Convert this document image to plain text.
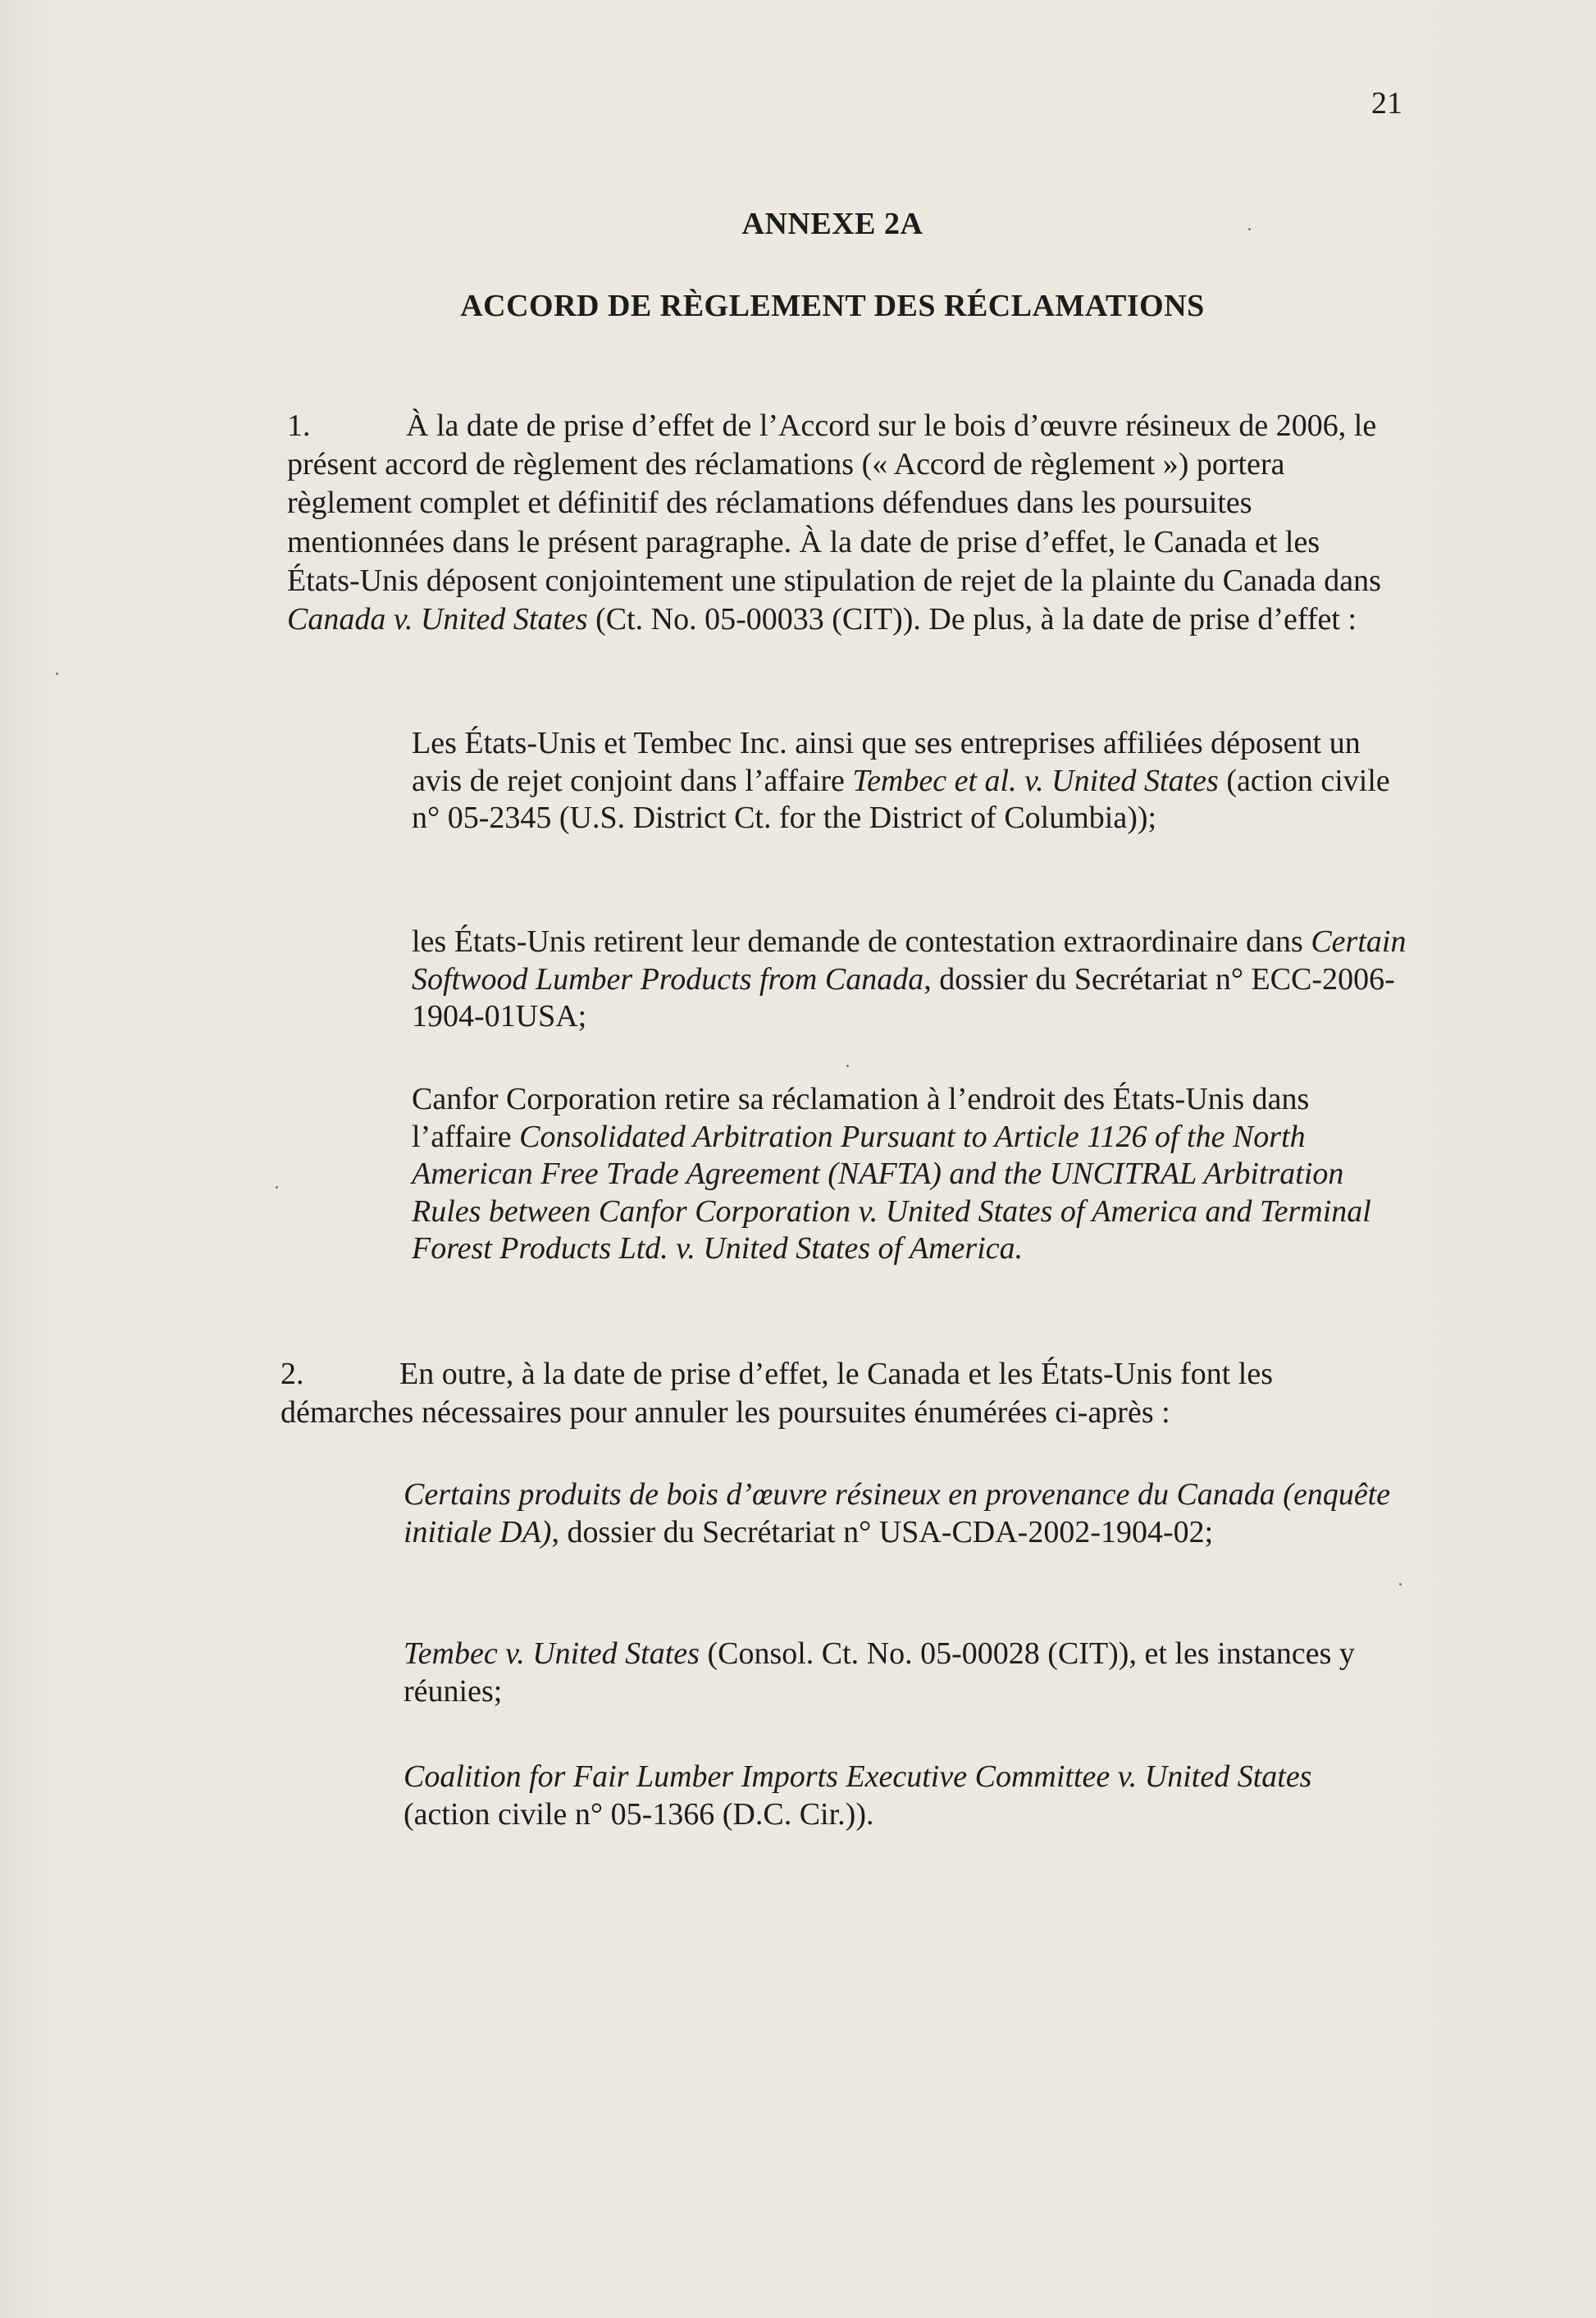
21
ANNEXE 2A
ACCORD DE RÈGLEMENT DES RÉCLAMATIONS
1.	À la date de prise d’effet de l’Accord sur le bois d’œuvre résineux de 2006, le présent accord de règlement des réclamations (« Accord de règlement ») portera règlement complet et définitif des réclamations défendues dans les poursuites mentionnées dans le présent paragraphe. À la date de prise d’effet, le Canada et les États-Unis déposent conjointement une stipulation de rejet de la plainte du Canada dans Canada v. United States (Ct. No. 05-00033 (CIT)). De plus, à la date de prise d’effet :
Les États-Unis et Tembec Inc. ainsi que ses entreprises affiliées déposent un avis de rejet conjoint dans l’affaire Tembec et al. v. United States (action civile n° 05-2345 (U.S. District Ct. for the District of Columbia));
les États-Unis retirent leur demande de contestation extraordinaire dans Certain Softwood Lumber Products from Canada, dossier du Secrétariat n° ECC-2006-1904-01USA;
Canfor Corporation retire sa réclamation à l’endroit des États-Unis dans l’affaire Consolidated Arbitration Pursuant to Article 1126 of the North American Free Trade Agreement (NAFTA) and the UNCITRAL Arbitration Rules between Canfor Corporation v. United States of America and Terminal Forest Products Ltd. v. United States of America.
2.	En outre, à la date de prise d’effet, le Canada et les États-Unis font les démarches nécessaires pour annuler les poursuites énumérées ci-après :
Certains produits de bois d’œuvre résineux en provenance du Canada (enquête initiale DA), dossier du Secrétariat n° USA-CDA-2002-1904-02;
Tembec v. United States (Consol. Ct. No. 05-00028 (CIT)), et les instances y réunies;
Coalition for Fair Lumber Imports Executive Committee v. United States (action civile n° 05-1366 (D.C. Cir.)).
